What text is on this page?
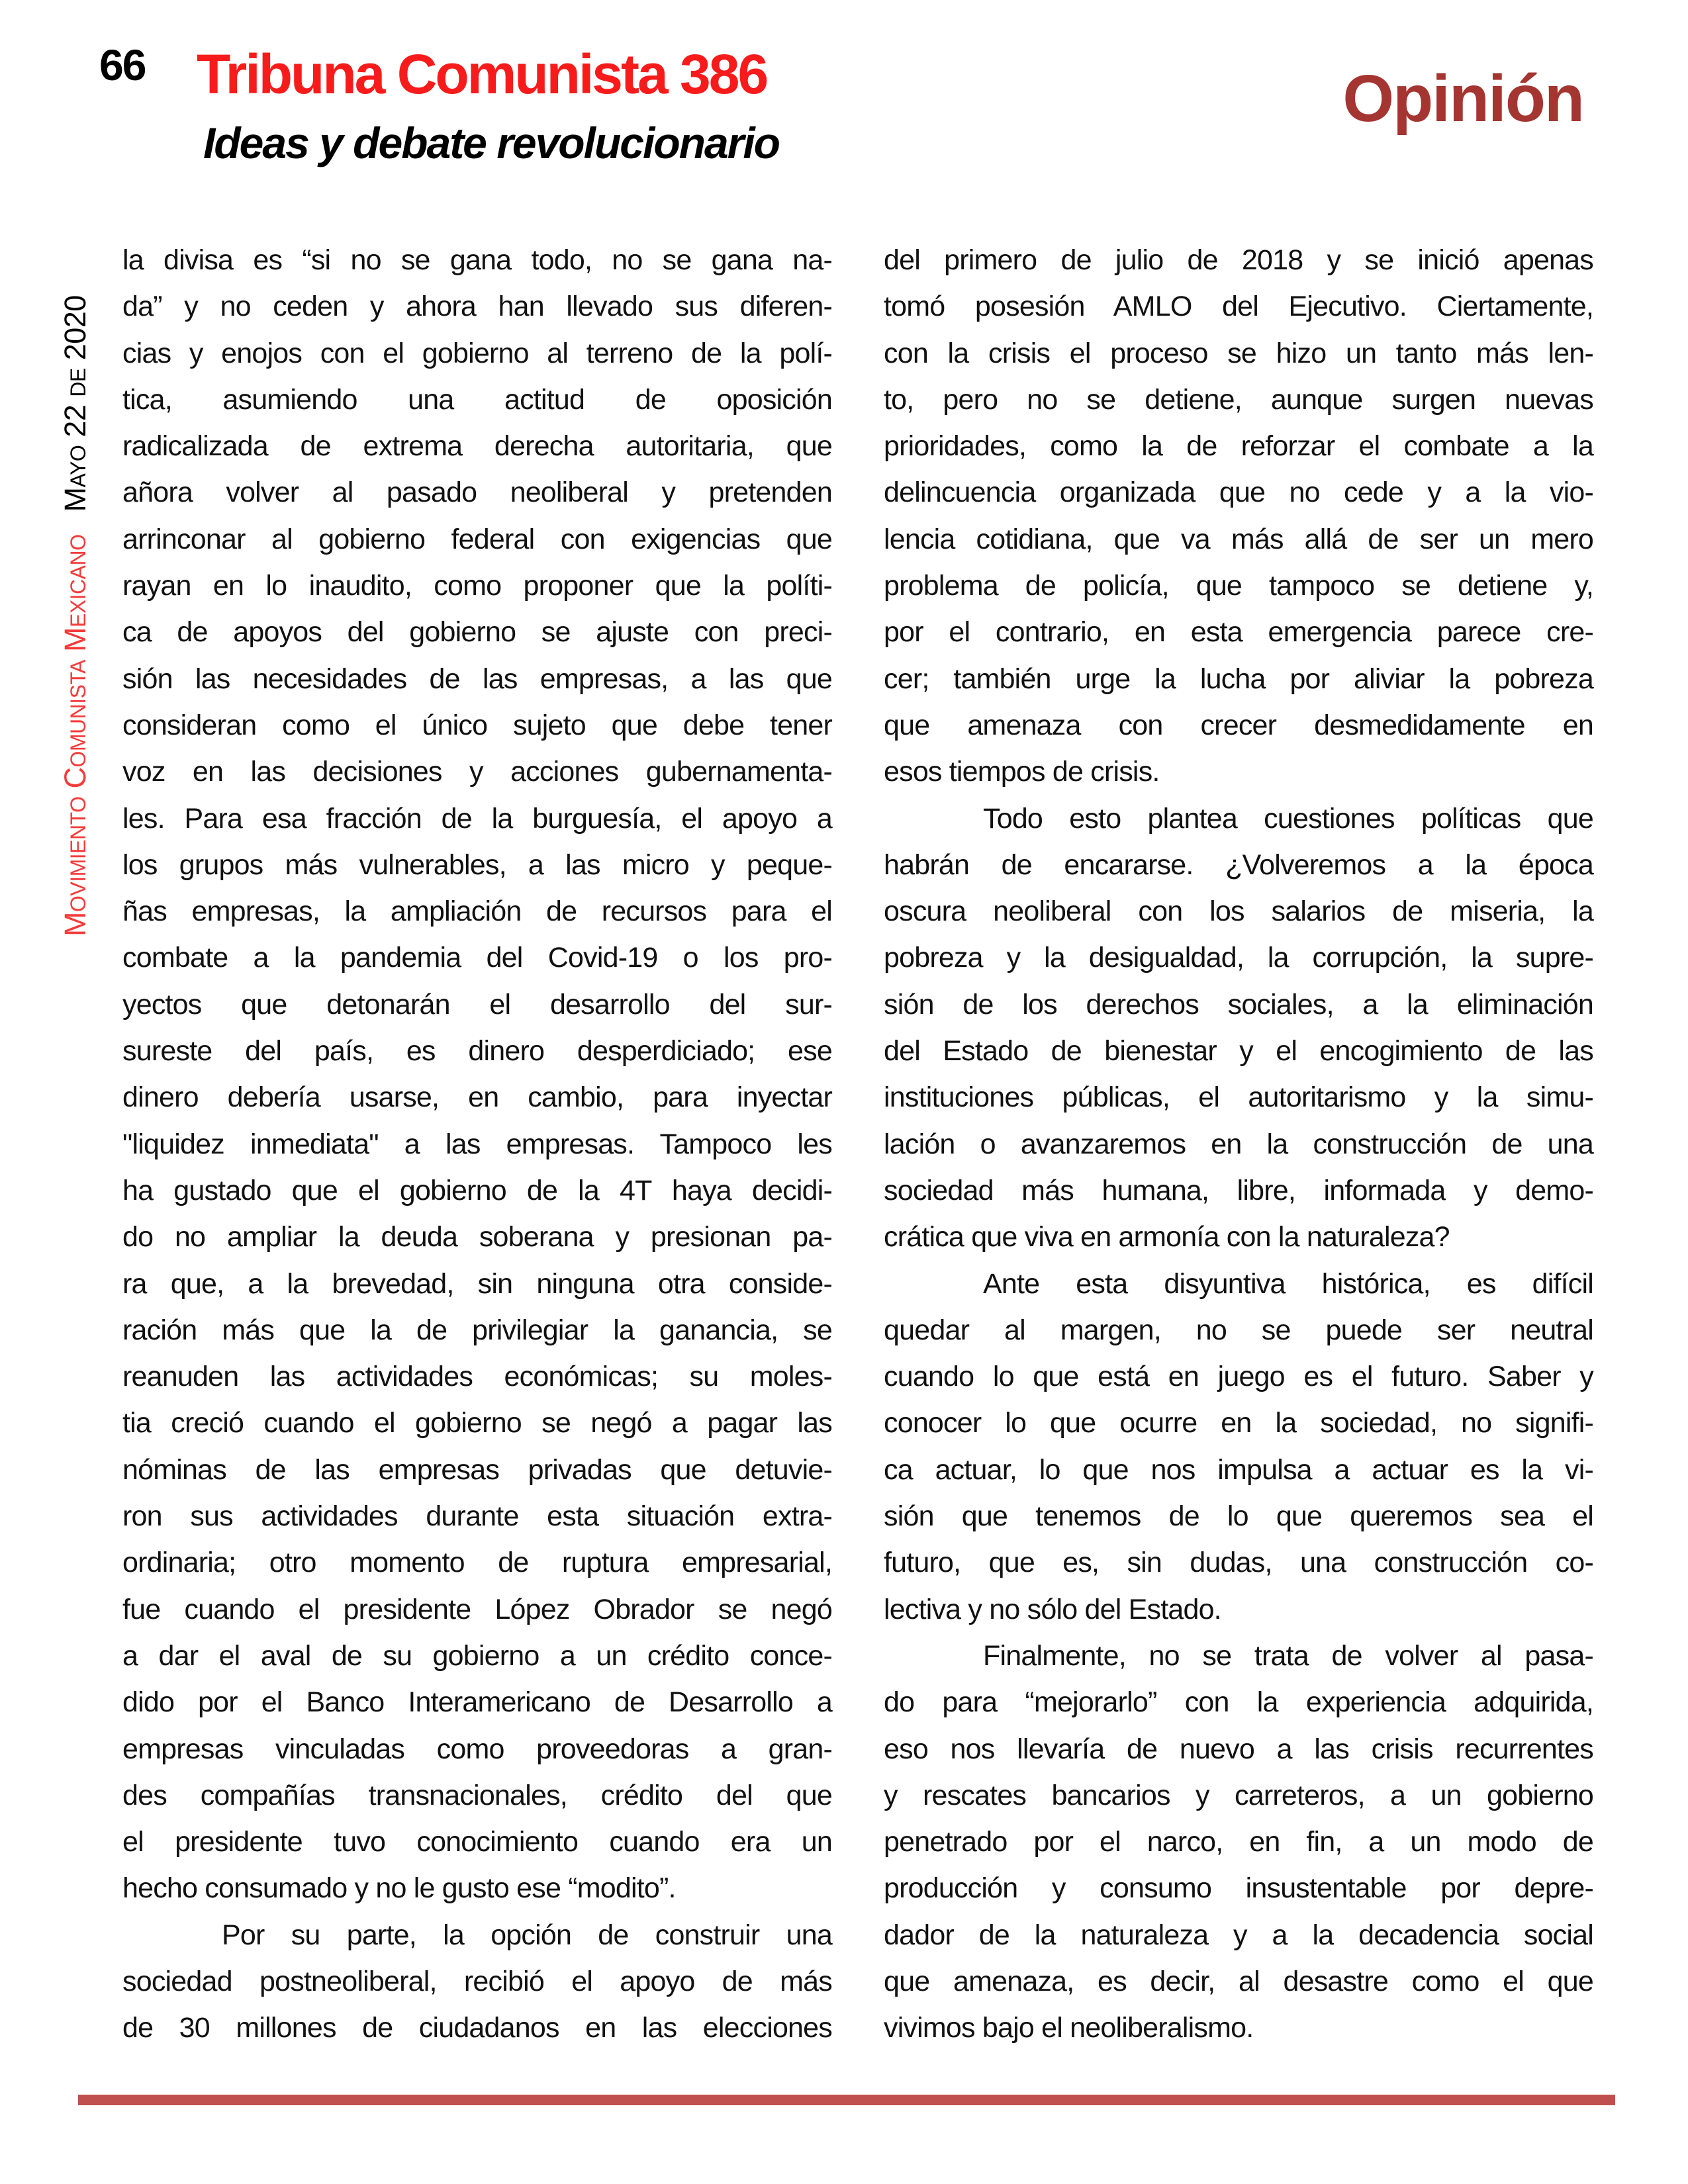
66 Tribuna Comunista 386
Ideas y debate revolucionario
Opinión
Movimiento Comunista MexicanoMayo 22 de 2020
la divisa es “si no se gana todo, no se gana na-
da” y no ceden y ahora han llevado sus diferen-
cias y enojos con el gobierno al terreno de la polí-
tica, asumiendo una actitud de oposición
radicalizada de extrema derecha autoritaria, que
añora volver al pasado neoliberal y pretenden
arrinconar al gobierno federal con exigencias que
rayan en lo inaudito, como proponer que la políti-
ca de apoyos del gobierno se ajuste con preci-
sión las necesidades de las empresas, a las que
consideran como el único sujeto que debe tener
voz en las decisiones y acciones gubernamenta-
les. Para esa fracción de la burguesía, el apoyo a
los grupos más vulnerables, a las micro y peque-
ñas empresas, la ampliación de recursos para el
combate a la pandemia del Covid-19 o los pro-
yectos que detonarán el desarrollo del sur-
sureste del país, es dinero desperdiciado; ese
dinero debería usarse, en cambio, para inyectar
"liquidez inmediata" a las empresas. Tampoco les
ha gustado que el gobierno de la 4T haya decidi-
do no ampliar la deuda soberana y presionan pa-
ra que, a la brevedad, sin ninguna otra conside-
ración más que la de privilegiar la ganancia, se
reanuden las actividades económicas; su moles-
tia creció cuando el gobierno se negó a pagar las
nóminas de las empresas privadas que detuvie-
ron sus actividades durante esta situación extra-
ordinaria; otro momento de ruptura empresarial,
fue cuando el presidente López Obrador se negó
a dar el aval de su gobierno a un crédito conce-
dido por el Banco Interamericano de Desarrollo a
empresas vinculadas como proveedoras a gran-
des compañías transnacionales, crédito del que
el presidente tuvo conocimiento cuando era un
hecho consumado y no le gusto ese “modito”.
Por su parte, la opción de construir una
sociedad postneoliberal, recibió el apoyo de más
de 30 millones de ciudadanos en las elecciones
del primero de julio de 2018 y se inició apenas
tomó posesión AMLO del Ejecutivo. Ciertamente,
con la crisis el proceso se hizo un tanto más len-
to, pero no se detiene, aunque surgen nuevas
prioridades, como la de reforzar el combate a la
delincuencia organizada que no cede y a la vio-
lencia cotidiana, que va más allá de ser un mero
problema de policía, que tampoco se detiene y,
por el contrario, en esta emergencia parece cre-
cer; también urge la lucha por aliviar la pobreza
que amenaza con crecer desmedidamente en
esos tiempos de crisis.
Todo esto plantea cuestiones políticas que
habrán de encararse. ¿Volveremos a la época
oscura neoliberal con los salarios de miseria, la
pobreza y la desigualdad, la corrupción, la supre-
sión de los derechos sociales, a la eliminación
del Estado de bienestar y el encogimiento de las
instituciones públicas, el autoritarismo y la simu-
lación o avanzaremos en la construcción de una
sociedad más humana, libre, informada y demo-
crática que viva en armonía con la naturaleza?
Ante esta disyuntiva histórica, es difícil
quedar al margen, no se puede ser neutral
cuando lo que está en juego es el futuro. Saber y
conocer lo que ocurre en la sociedad, no signifi-
ca actuar, lo que nos impulsa a actuar es la vi-
sión que tenemos de lo que queremos sea el
futuro, que es, sin dudas, una construcción co-
lectiva y no sólo del Estado.
Finalmente, no se trata de volver al pasa-
do para “mejorarlo” con la experiencia adquirida,
eso nos llevaría de nuevo a las crisis recurrentes
y rescates bancarios y carreteros, a un gobierno
penetrado por el narco, en fin, a un modo de
producción y consumo insustentable por depre-
dador de la naturaleza y a la decadencia social
que amenaza, es decir, al desastre como el que
vivimos bajo el neoliberalismo.
